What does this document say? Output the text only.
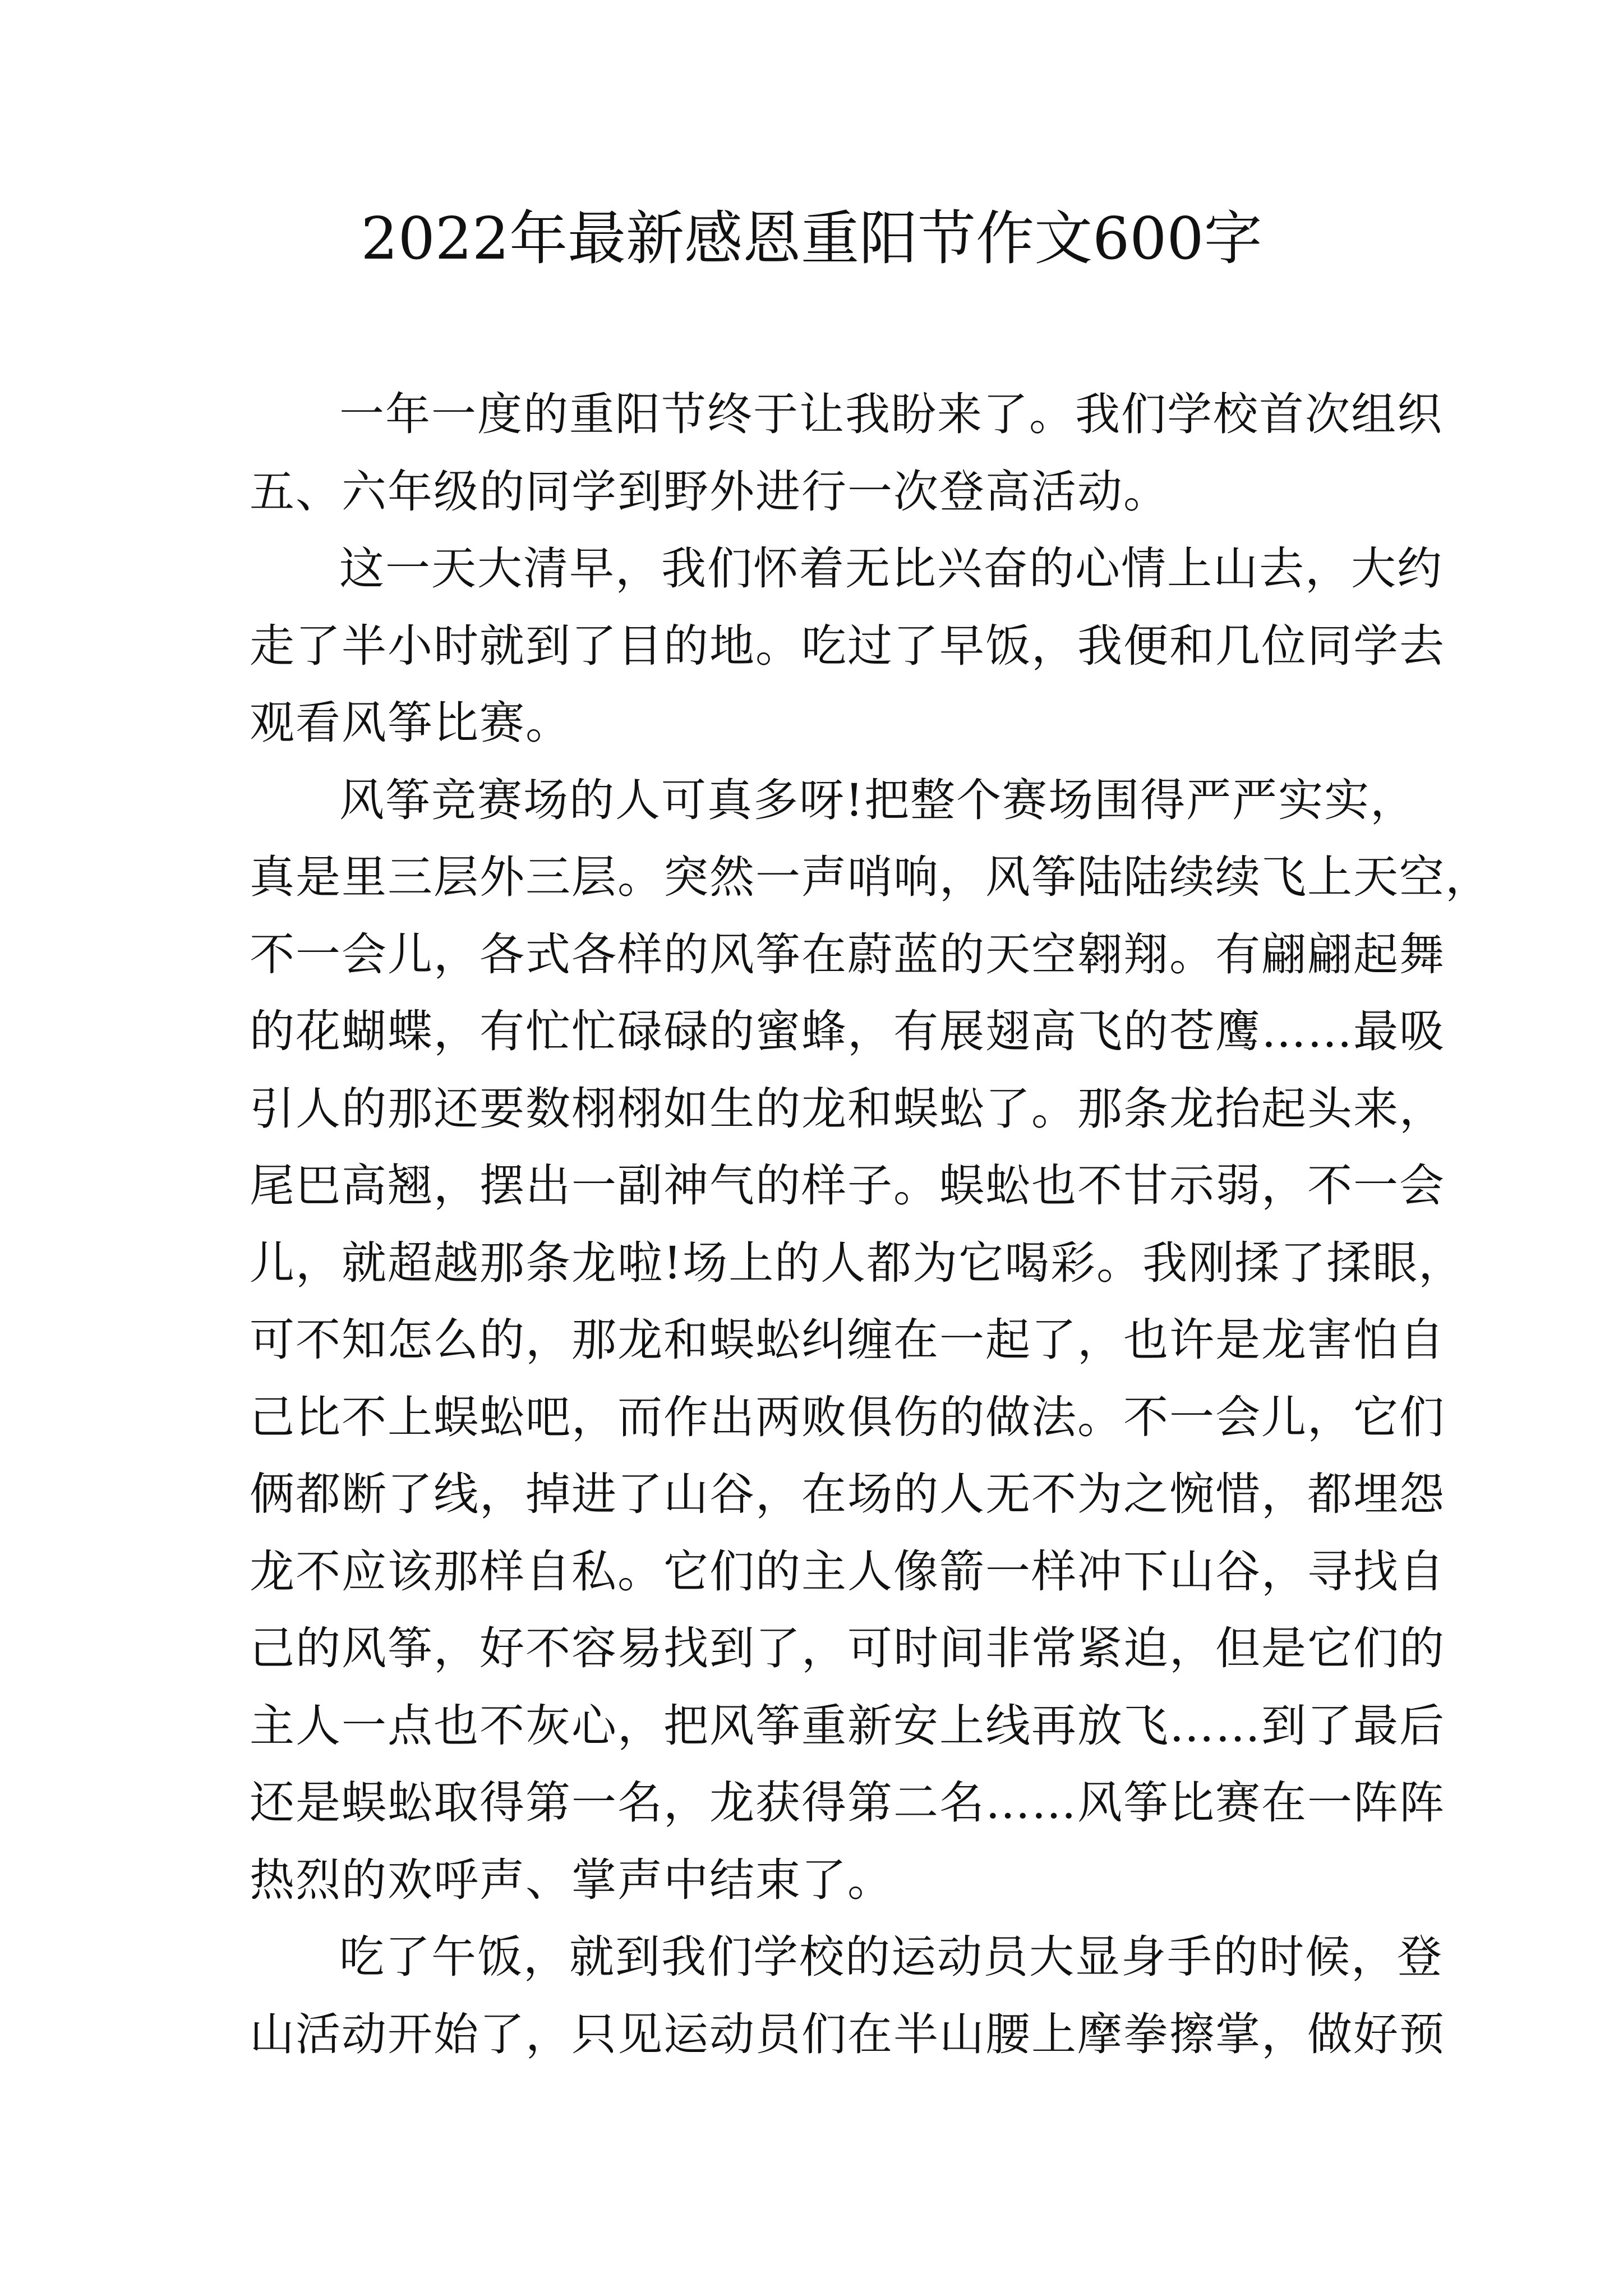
2022年最新感恩重阳节作文600字
一年一度的重阳节终于让我盼来了。我们学校首次组织
五、六年级的同学到野外进行一次登高活动。
这一天大清早，我们怀着无比兴奋的心情上山去，大约
走了半小时就到了目的地。吃过了早饭，我便和几位同学去
观看风筝比赛。
风筝竞赛场的人可真多呀!把整个赛场围得严严实实，
真是里三层外三层。突然一声哨响，风筝陆陆续续飞上天空，
不一会儿，各式各样的风筝在蔚蓝的天空翱翔。有翩翩起舞
的花蝴蝶，有忙忙碌碌的蜜蜂，有展翅高飞的苍鹰……最吸
引人的那还要数栩栩如生的龙和蜈蚣了。那条龙抬起头来，
尾巴高翘，摆出一副神气的样子。蜈蚣也不甘示弱，不一会
儿，就超越那条龙啦!场上的人都为它喝彩。我刚揉了揉眼，
可不知怎么的，那龙和蜈蚣纠缠在一起了，也许是龙害怕自
己比不上蜈蚣吧，而作出两败俱伤的做法。不一会儿，它们
俩都断了线，掉进了山谷，在场的人无不为之惋惜，都埋怨
龙不应该那样自私。它们的主人像箭一样冲下山谷，寻找自
己的风筝，好不容易找到了，可时间非常紧迫，但是它们的
主人一点也不灰心，把风筝重新安上线再放飞……到了最后
还是蜈蚣取得第一名，龙获得第二名……风筝比赛在一阵阵
热烈的欢呼声、掌声中结束了。
吃了午饭，就到我们学校的运动员大显身手的时候，登
山活动开始了，只见运动员们在半山腰上摩拳擦掌，做好预
